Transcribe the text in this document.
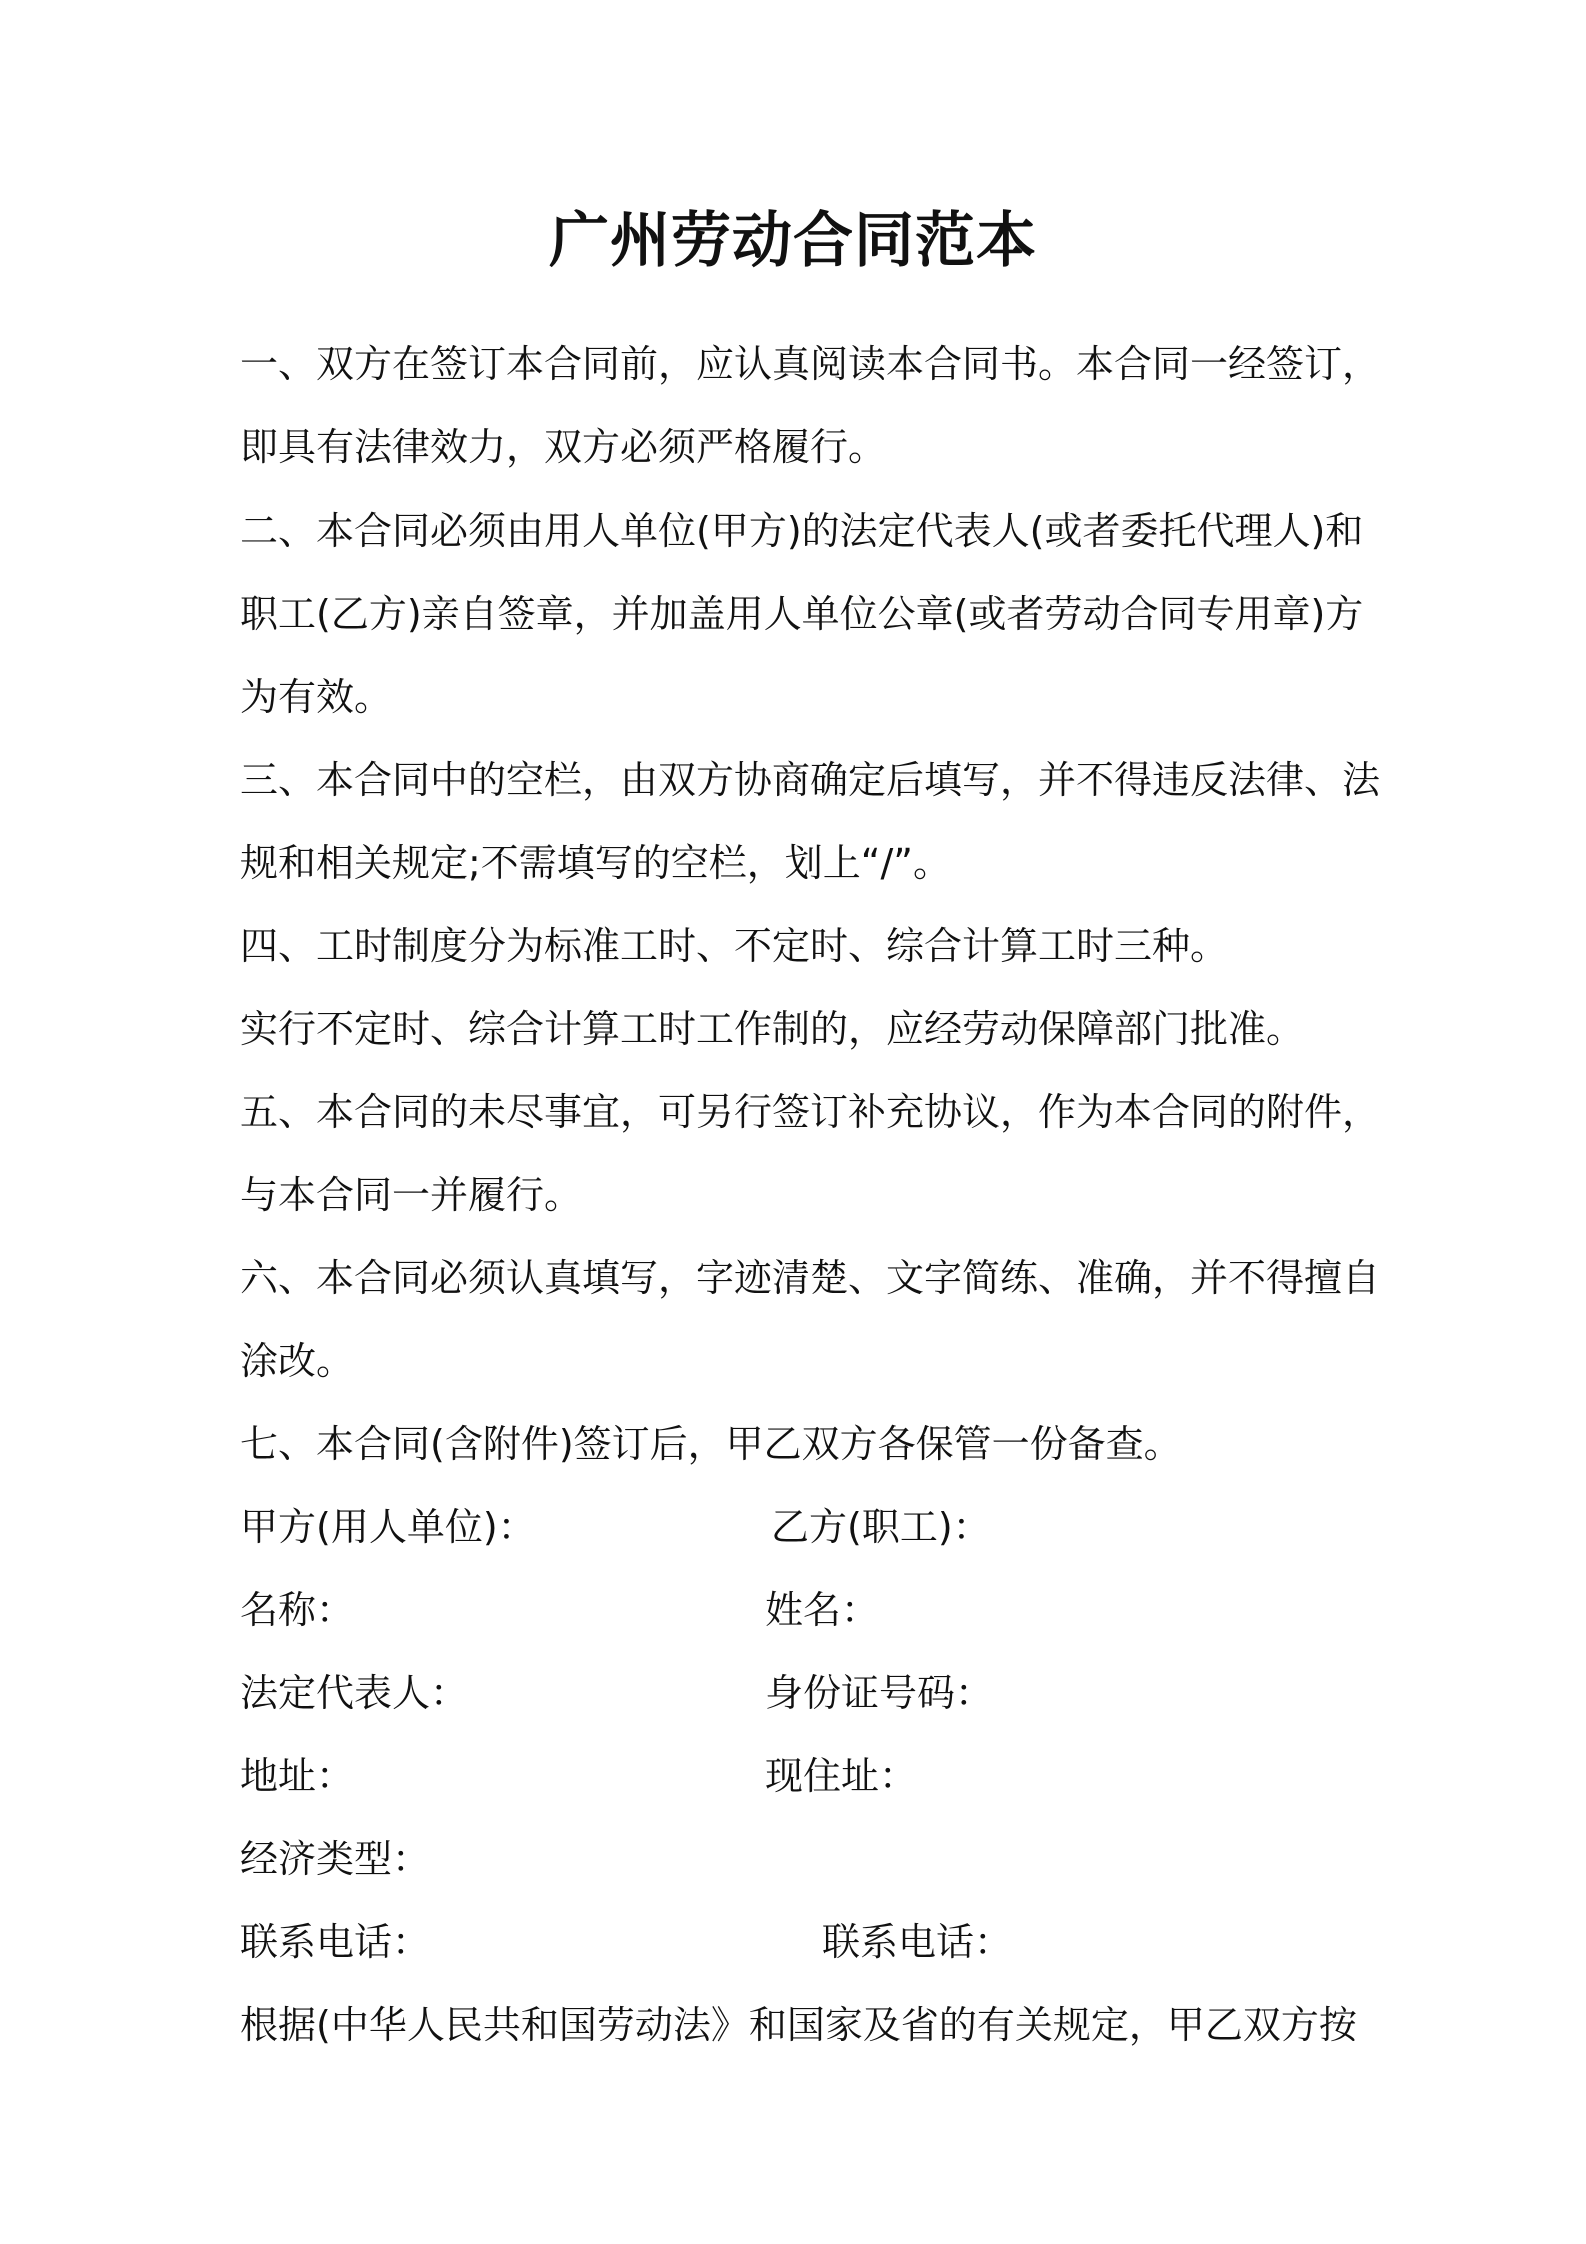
广州劳动合同范本
一、双方在签订本合同前，应认真阅读本合同书。本合同一经签订，
即具有法律效力，双方必须严格履行。
二、本合同必须由用人单位(甲方)的法定代表人(或者委托代理人)和
职工(乙方)亲自签章，并加盖用人单位公章(或者劳动合同专用章)方
为有效。
三、本合同中的空栏，由双方协商确定后填写，并不得违反法律、法
规和相关规定;不需填写的空栏，划上“/”。
四、工时制度分为标准工时、不定时、综合计算工时三种。
实行不定时、综合计算工时工作制的，应经劳动保障部门批准。
五、本合同的未尽事宜，可另行签订补充协议，作为本合同的附件，
与本合同一并履行。
六、本合同必须认真填写，字迹清楚、文字简练、准确，并不得擅自
涂改。
七、本合同(含附件)签订后，甲乙双方各保管一份备查。
甲方(用人单位)：	乙方(职工)：
名称：	姓名：
法定代表人：	身份证号码：
地址：	现住址：
经济类型：
联系电话：	联系电话：
根据(中华人民共和国劳动法》和国家及省的有关规定，甲乙双方按
